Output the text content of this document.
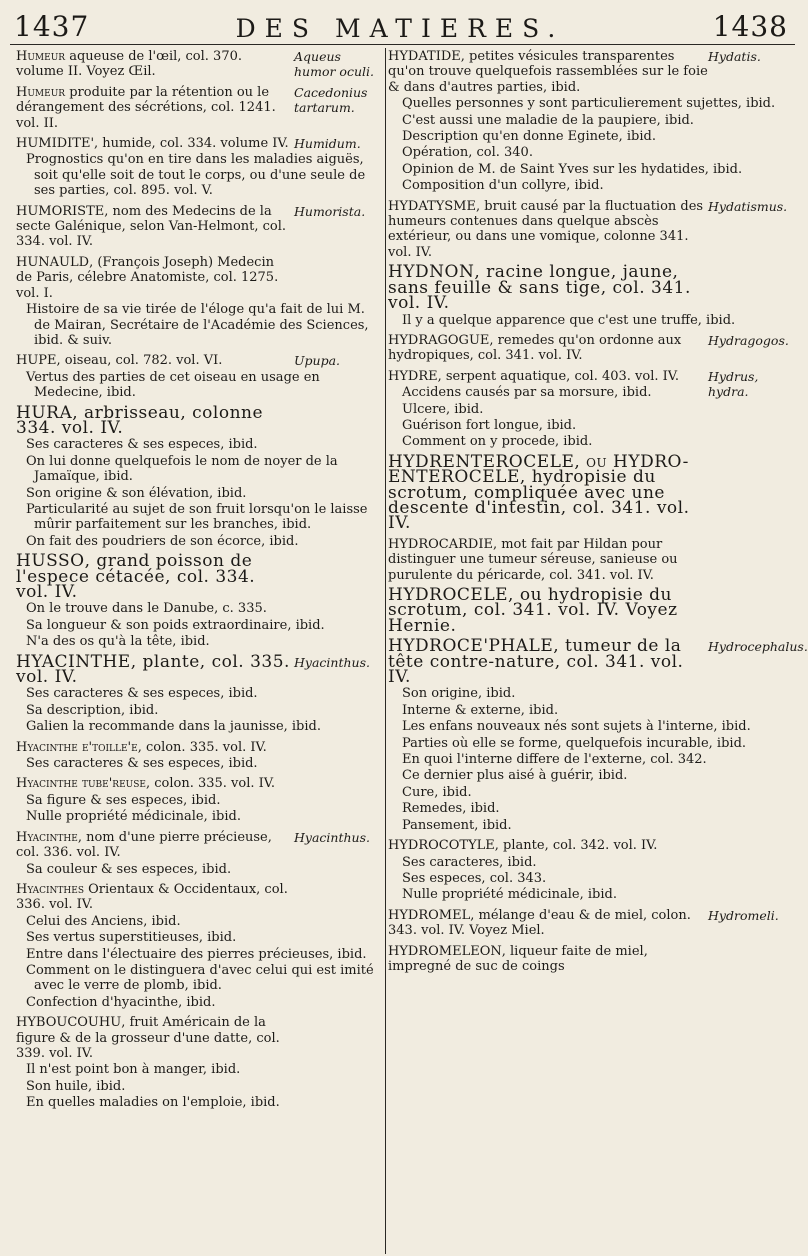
1437	DES MATIERES.	1438
Humeur aqueuse de l'œil, col. 370. volume II. Voyez Œil.
Aqueus humor oculi.
Humeur produite par la rétention ou le dérangement des sécrétions, col. 1241. vol. II.
Cacedonius tartarum.
HUMIDITE', humide, col. 334. volume IV. Humidum.
Prognostics qu'on en tire dans les maladies aiguës, soit qu'elle soit de tout le corps, ou d'une seule de ses parties, col. 895. vol. V.
HUMORISTE, nom des Medecins de la secte Galénique, selon Van-Helmont, col. 334. vol. IV.
Humorista.
HUNAULD, (François Joseph) Medecin de Paris, célebre Anatomiste, col. 1275. vol. I.
Histoire de sa vie tirée de l'éloge qu'a fait de lui M. de Mairan, Secrétaire de l'Académie des Sciences, ibid. & suiv.
HUPE, oiseau, col. 782. vol. VI.	Upupa.
Vertus des parties de cet oiseau en usage en Medecine, ibid.
HURA, arbrisseau, colonne 334. vol. IV.
Ses caracteres & ses especes, ibid.
On lui donne quelquefois le nom de noyer de la Jamaïque, ibid.
Son origine & son élévation, ibid.
Particularité au sujet de son fruit lorsqu'on le laisse mûrir parfaitement sur les branches, ibid.
On fait des poudriers de son écorce, ibid.
HUSSO, grand poisson de l'espece cétacée, col. 334. vol. IV.
On le trouve dans le Danube, c. 335.
Sa longueur & son poids extraordinaire, ibid.
N'a des os qu'à la tête, ibid.
HYACINTHE, plante, col. 335. vol. IV.
Hyacinthus.
Ses caracteres & ses especes, ibid.
Sa description, ibid.
Galien la recommande dans la jaunisse, ibid.
Hyacinthe e'toille'e, colon. 335. vol. IV.
Ses caracteres & ses especes, ibid.
Hyacinthe tube'reuse, colon. 335. vol. IV.
Sa figure & ses especes, ibid.
Nulle propriété médicinale, ibid.
Hyacinthe, nom d'une pierre précieuse, col. 336. vol. IV.
Hyacinthus.
Sa couleur & ses especes, ibid.
Hyacinthes Orientaux & Occidentaux, col. 336. vol. IV.
Celui des Anciens, ibid.
Ses vertus superstitieuses, ibid.
Entre dans l'électuaire des pierres précieuses, ibid.
Comment on le distinguera d'avec celui qui est imité avec le verre de plomb, ibid.
Confection d'hyacinthe, ibid.
HYBOUCOUHU, fruit Américain de la figure & de la grosseur d'une datte, col. 339. vol. IV.
Il n'est point bon à manger, ibid.
Son huile, ibid.
En quelles maladies on l'emploie, ibid.
HYDATIDE, petites vésicules transparentes qu'on trouve quelquefois rassemblées sur le foie & dans d'autres parties, ibid.
Hydatis.
Quelles personnes y sont particulierement sujettes, ibid.
C'est aussi une maladie de la paupiere, ibid.
Description qu'en donne Eginete, ibid.
Opération, col. 340.
Opinion de M. de Saint Yves sur les hydatides, ibid.
Composition d'un collyre, ibid.
HYDATYSME, bruit causé par la fluctuation des humeurs contenues dans quelque abscès extérieur, ou dans une vomique, colonne 341. vol. IV.
Hydatismus.
HYDNON, racine longue, jaune, sans feuille & sans tige, col. 341. vol. IV.
Il y a quelque apparence que c'est une truffe, ibid.
HYDRAGOGUE, remedes qu'on ordonne aux hydropiques, col. 341. vol. IV.
Hydragogos.
HYDRE, serpent aquatique, col. 403. vol. IV.	Hydrus, hydra.
Accidens causés par sa morsure, ibid.
Ulcere, ibid.
Guérison fort longue, ibid.
Comment on y procede, ibid.
HYDRENTEROCELE, ou HYDRO-ENTEROCELE, hydropisie du scrotum, compliquée avec une descente d'intestin, col. 341. vol. IV.
HYDROCARDIE, mot fait par Hildan pour distinguer une tumeur séreuse, sanieuse ou purulente du péricarde, col. 341. vol. IV.
HYDROCELE, ou hydropisie du scrotum, col. 341. vol. IV. Voyez Hernie.
HYDROCE'PHALE, tumeur de la tête contre-nature, col. 341. vol. IV.
Hydrocephalus.
Son origine, ibid.
Interne & externe, ibid.
Les enfans nouveaux nés sont sujets à l'interne, ibid.
Parties où elle se forme, quelquefois incurable, ibid.
En quoi l'interne differe de l'externe, col. 342.
Ce dernier plus aisé à guérir, ibid.
Cure, ibid.
Remedes, ibid.
Pansement, ibid.
HYDROCOTYLE, plante, col. 342. vol. IV.
Ses caracteres, ibid.
Ses especes, col. 343.
Nulle propriété médicinale, ibid.
HYDROMEL, mélange d'eau & de miel, colon. 343. vol. IV. Voyez Miel.
Hydromeli.
HYDROMELEON, liqueur faite de miel, impregné de suc de coings
